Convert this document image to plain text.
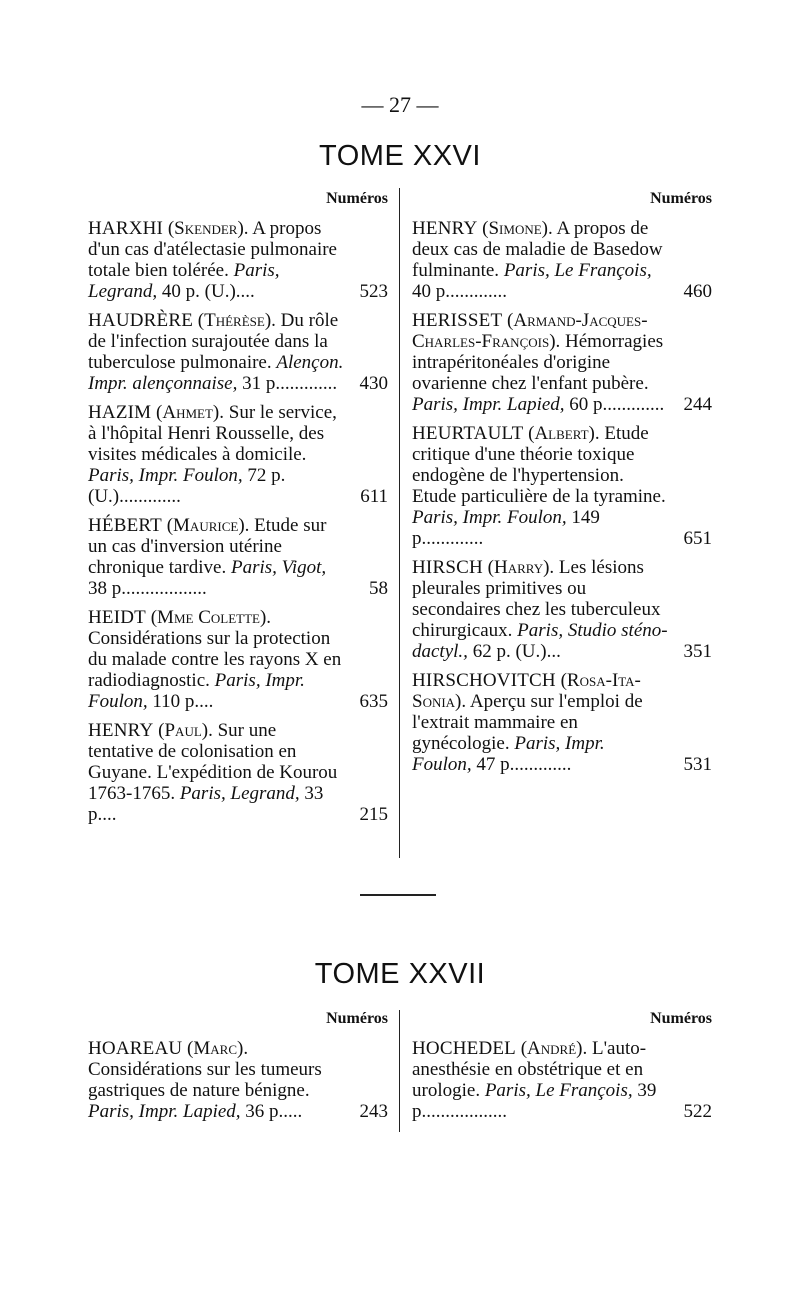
— 27 —
TOME XXVI
Numéros
HARXHI (Skender). A propos d'un cas d'atélectasie pulmonaire totale bien tolérée. Paris, Legrand, 40 p. (U.)....	523
HAUDRÈRE (Thérèse). Du rôle de l'infection surajoutée dans la tuberculose pulmonaire. Alençon. Impr. alençonnaise, 31 p.............	430
HAZIM (Ahmet). Sur le service, à l'hôpital Henri Rousselle, des visites médicales à domicile. Paris, Impr. Foulon, 72 p. (U.).............	611
HÉBERT (Maurice). Etude sur un cas d'inversion utérine chronique tardive. Paris, Vigot, 38 p..................	58
HEIDT (Mme Colette). Considérations sur la protection du malade contre les rayons X en radiodiagnostic. Paris, Impr. Foulon, 110 p....	635
HENRY (Paul). Sur une tentative de colonisation en Guyane. L'expédition de Kourou 1763-1765. Paris, Legrand, 33 p....	215
Numéros
HENRY (Simone). A propos de deux cas de maladie de Basedow fulminante. Paris, Le François, 40 p.............	460
HERISSET (Armand-Jacques-Charles-François). Hémorragies intrapéritonéales d'origine ovarienne chez l'enfant pubère. Paris, Impr. Lapied, 60 p............. 244
HEURTAULT (Albert). Etude critique d'une théorie toxique endogène de l'hypertension. Etude particulière de la tyramine. Paris, Impr. Foulon, 149 p.............	651
HIRSCH (Harry). Les lésions pleurales primitives ou secondaires chez les tuberculeux chirurgicaux. Paris, Studio sténo-dactyl., 62 p. (U.)...	351
HIRSCHOVITCH (Rosa-Ita-Sonia). Aperçu sur l'emploi de l'extrait mammaire en gynécologie. Paris, Impr. Foulon, 47 p.............	531
TOME XXVII
Numéros
HOAREAU (Marc). Considérations sur les tumeurs gastriques de nature bénigne. Paris, Impr. Lapied, 36 p.....	243
Numéros
HOCHEDEL (André). L'auto-anesthésie en obstétrique et en urologie. Paris, Le François, 39 p..................	522
